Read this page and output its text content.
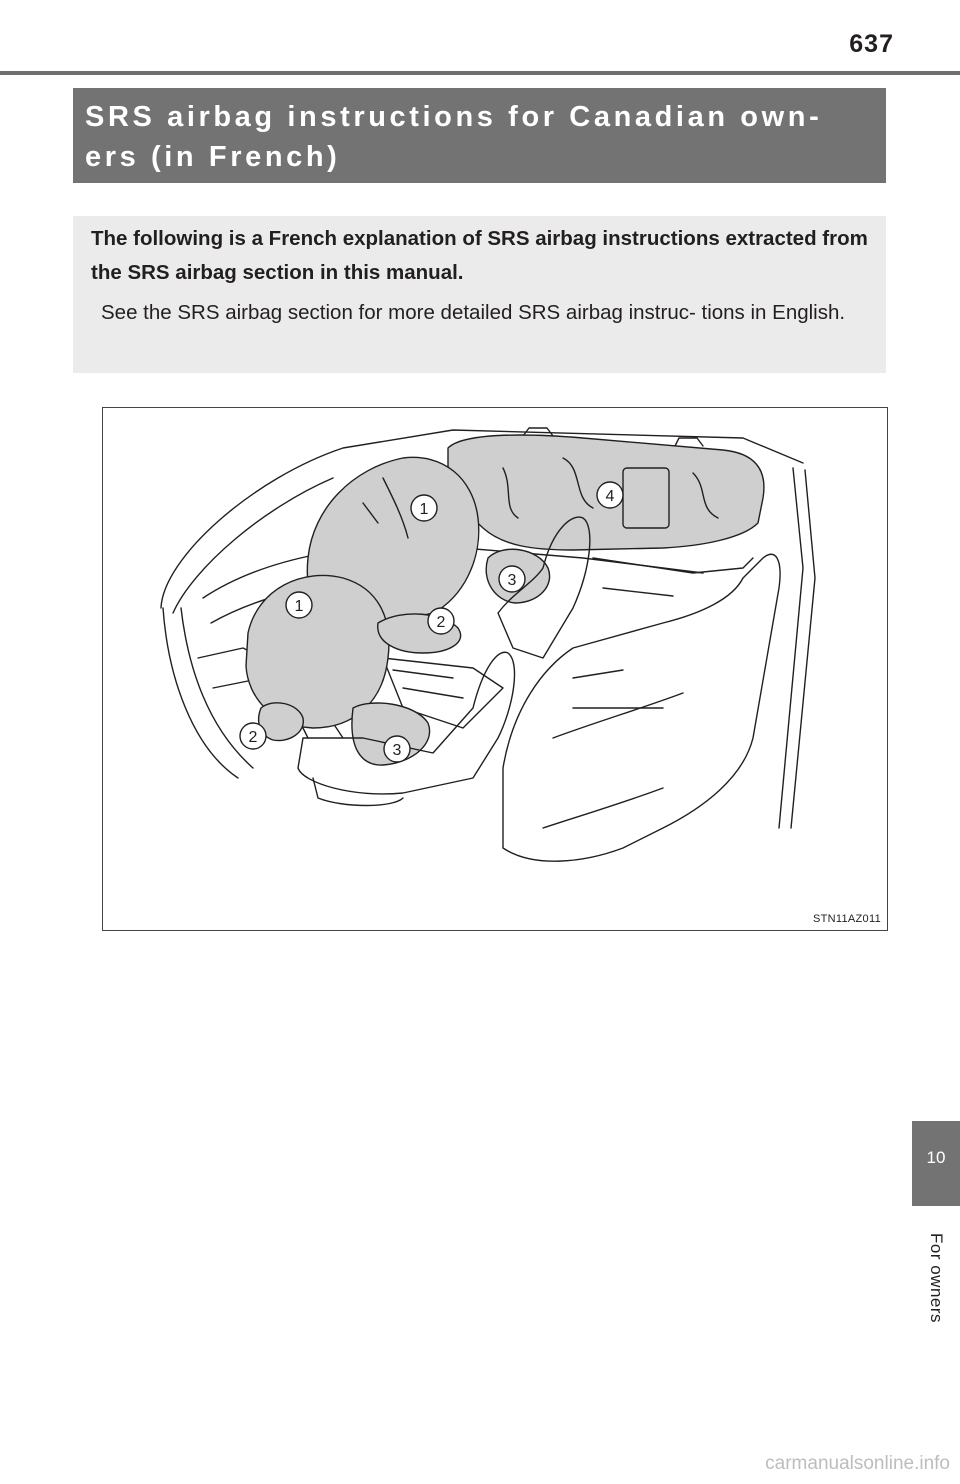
637
SRS airbag instructions for Canadian own- ers (in French)

The following is a French explanation of SRS airbag instructions extracted from the SRS airbag section in this manual.

See the SRS airbag section for more detailed SRS airbag instruc- tions in English.

1
1
2
2
3
3
4
STN11AZ011
10
For owners
carmanualsonline.info
